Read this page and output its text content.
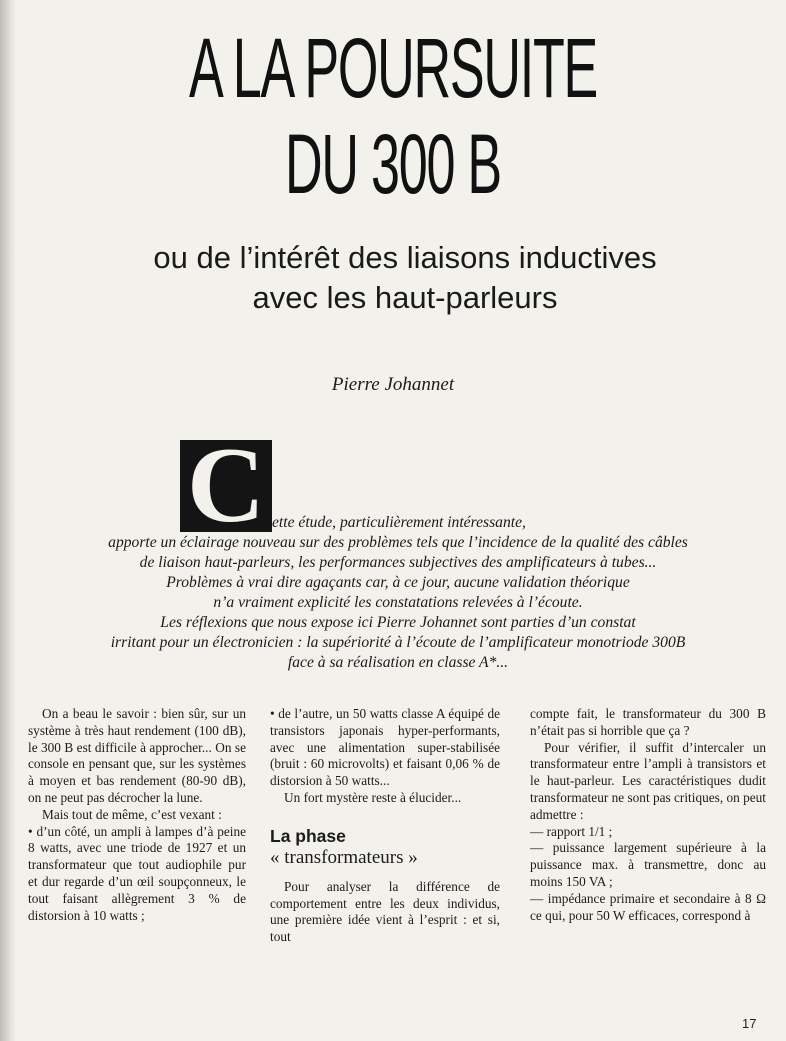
A LA POURSUITE
DU 300 B
ou de l’intérêt des liaisons inductives
avec les haut-parleurs
Pierre Johannet
C ette étude, particulièrement intéressante,
apporte un éclairage nouveau sur des problèmes tels que l’incidence de la qualité des câbles
de liaison haut-parleurs, les performances subjectives des amplificateurs à tubes...
Problèmes à vrai dire agaçants car, à ce jour, aucune validation théorique
n’a vraiment explicité les constatations relevées à l’écoute.
Les réflexions que nous expose ici Pierre Johannet sont parties d’un constat
irritant pour un électronicien : la supériorité à l’écoute de l’amplificateur monotriode 300B
face à sa réalisation en classe A*...

On a beau le savoir : bien sûr, sur un système à très haut rendement (100 dB), le 300 B est difficile à approcher... On se console en pensant que, sur les systèmes à moyen et bas rendement (80-90 dB), on ne peut pas décrocher la lune.

Mais tout de même, c’est vexant :

• d’un côté, un ampli à lampes d’à peine 8 watts, avec une triode de 1927 et un transformateur que tout audiophile pur et dur regarde d’un œil soupçonneux, le tout faisant allègrement 3 % de distorsion à 10 watts ;

• de l’autre, un 50 watts classe A équipé de transistors japonais hyper-performants, avec une alimentation super-stabilisée (bruit : 60 microvolts) et faisant 0,06 % de distorsion à 50 watts...

Un fort mystère reste à élucider...

La phase
« transformateurs »

Pour analyser la différence de comportement entre les deux individus, une première idée vient à l’esprit : et si, tout

compte fait, le transformateur du 300 B n’était pas si horrible que ça ?

Pour vérifier, il suffit d’intercaler un transformateur entre l’ampli à transistors et le haut-parleur. Les caractéristiques dudit transformateur ne sont pas critiques, on peut admettre :

— rapport 1/1 ;

— puissance largement supérieure à la puissance max. à transmettre, donc au moins 150 VA ;

— impédance primaire et secondaire à 8 Ω ce qui, pour 50 W efficaces, correspond à

17
